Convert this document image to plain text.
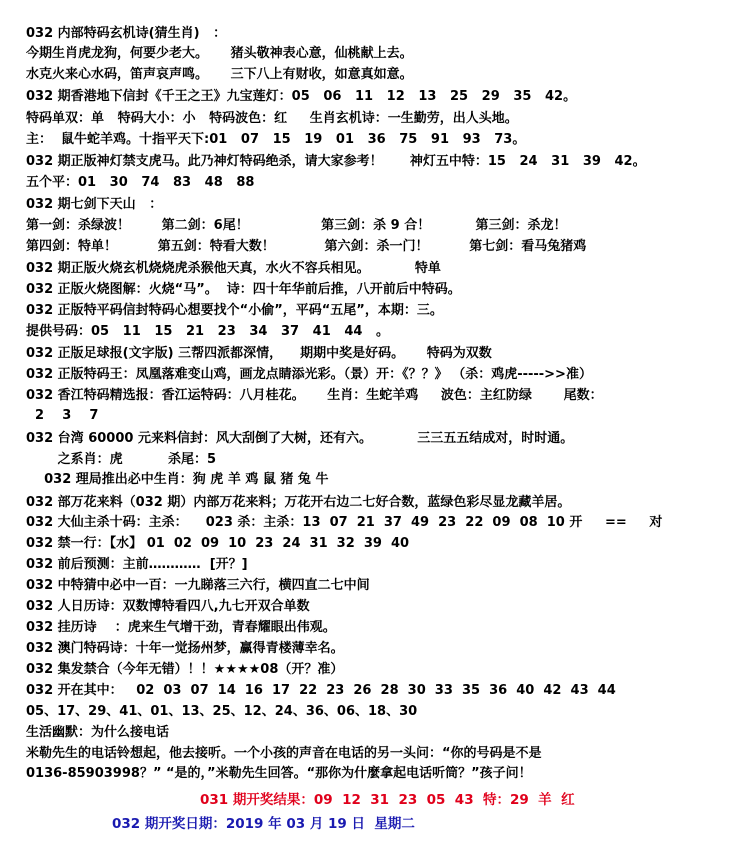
032 内部特码玄机诗(猜生肖)   ：
今期生肖虎龙狗，何要少老大。     猪头敬神表心意，仙桃献上去。
水克火来心水码，笛声哀声鸣。     三下八上有财收，如意真如意。
032 期香港地下信封《千王之王》九宝莲灯：05   06   11   12   13   25   29   35   42。
特码单双：单   特码大小：小   特码波色：红     生肖玄机诗：一生勤劳，出人头地。
主：  鼠牛蛇羊鸡。十指平天下:01   07   15   19   01   36   75   91   93   73。
032 期正版神灯禁支虎马。此乃神灯特码绝杀，请大家参考！      神灯五中特：15   24   31   39   42。
五个平：01   30   74   83   48   88
032 期七剑下天山   ：
第一剑：杀绿波！       第二剑：6尾！                第三剑：杀 9 合！          第三剑：杀龙！
第四剑：特单！         第五剑：特看大数！           第六剑：杀一门！         第七剑：看马兔猪鸡
032 期正版火烧玄机烧烧虎杀猴他天真，水火不容兵相见。          特单
032 正版火烧图解：火烧“马”。  诗：四十年华前后推，八开前后中特码。
032 正版特平码信封特码心想要找个“小偷”，平码“五尾”，本期：三。
提供号码：05   11   15   21   23   34   37   41   44   。
032 正版足球报(文字版) 三帮四派都深情，    期期中奖是好码。     特码为双数
032 正版特码王：凤凰落难变山鸡，画龙点睛添光彩。（景）开：《？？》 （杀：鸡虎----->>准）
032 香江特码精选报：香江运特码：八月桂花。     生肖：生蛇羊鸡     波色：主红防绿       尾数：
2    3    7
032 台湾 60000 元来料信封：风大刮倒了大树，还有六。          三三五五结成对，时时通。
之系肖：虎          杀尾：5
032 理局推出必中生肖：狗 虎 羊 鸡 鼠 猪 兔 牛
032 部万花来料（032 期）内部万花来料；万花开右边二七好合数，蓝绿色彩尽显龙藏羊居。
032 大仙主杀十码：主杀：    023 杀：主杀：13  07  21  37  49  23  22  09  08  10 开     ==     对
032 禁一行：【水】 01  02  09  10  23  24  31  32  39  40
032 前后预测：主前…………  [开？]
032 中特猜中必中一百：一九睇落三六行，横四直二七中间
032 人日历诗：双数博特看四八,九七开双合单数
032 挂历诗    ：虎来生气增干劲，青春耀眼出伟观。
032 澳门特码诗：十年一觉扬州梦，赢得青楼薄幸名。
032 集发禁合（今年无错）！！★★★★08（开？准）
032 开在其中：   02  03  07  14  16  17  22  23  26  28  30  33  35  36  40  42  43  44
05、17、29、41、01、13、25、12、24、36、06、18、30
生活幽默：为什么接电话
米勒先生的电话铃想起，他去接听。一个小孩的声音在电话的另一头问：“你的号码是不是
0136-85903998？” “是的，”米勒先生回答。“那你为什麼拿起电话听筒？”孩子问！
031 期开奖结果：09  12  31  23  05  43  特：29  羊  红
032 期开奖日期：2019 年 03 月 19 日  星期二
